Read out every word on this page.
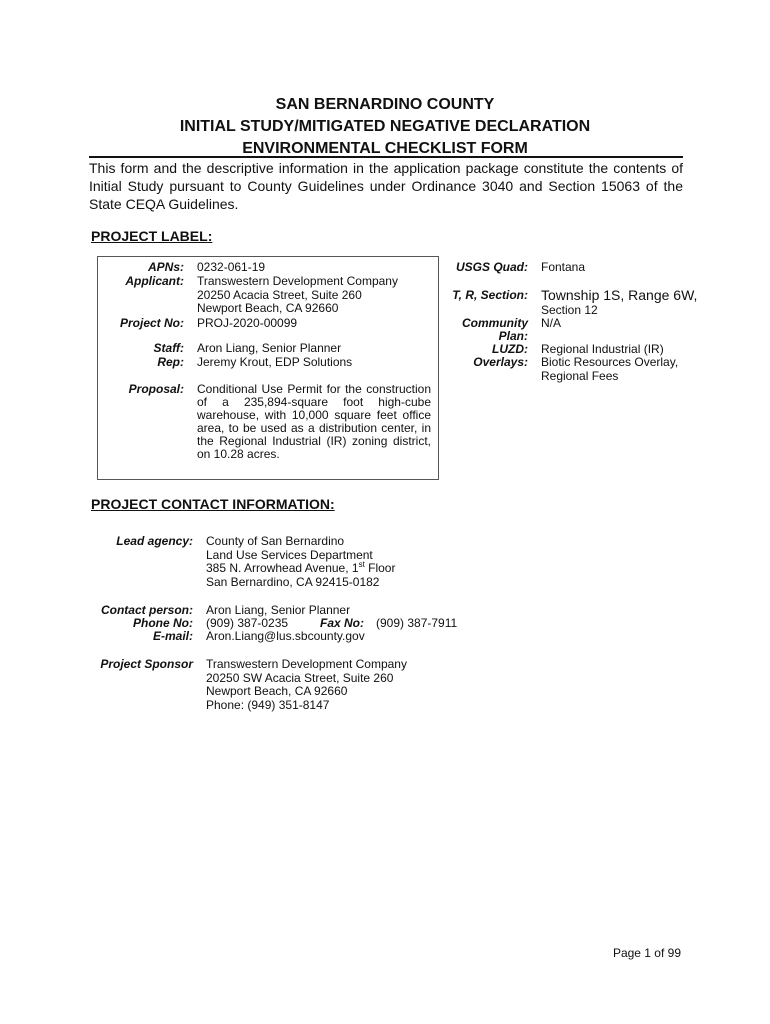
SAN BERNARDINO COUNTY
INITIAL STUDY/MITIGATED NEGATIVE DECLARATION
ENVIRONMENTAL CHECKLIST FORM
This form and the descriptive information in the application package constitute the contents of Initial Study pursuant to County Guidelines under Ordinance 3040 and Section 15063 of the State CEQA Guidelines.
PROJECT LABEL:
APNs: 0232-061-19
Applicant: Transwestern Development Company
20250 Acacia Street, Suite 260
Newport Beach, CA 92660
Project No: PROJ-2020-00099
Staff: Aron Liang, Senior Planner
Rep: Jeremy Krout, EDP Solutions
Proposal: Conditional Use Permit for the construction of a 235,894-square foot high-cube warehouse, with 10,000 square feet office area, to be used as a distribution center, in the Regional Industrial (IR) zoning district, on 10.28 acres.
USGS Quad: Fontana
T, R, Section: Township 1S, Range 6W,
Section 12
Community
Plan:
N/A
LUZD: Regional Industrial (IR)
Overlays: Biotic Resources Overlay,
Regional Fees
PROJECT CONTACT INFORMATION:
Lead agency: County of San Bernardino
Land Use Services Department
385 N. Arrowhead Avenue, 1st Floor
San Bernardino, CA 92415-0182
Contact person: Aron Liang, Senior Planner
Phone No: (909) 387-0235	Fax No: (909) 387-7911
E-mail: Aron.Liang@lus.sbcounty.gov
Project Sponsor Transwestern Development Company
20250 SW Acacia Street, Suite 260
Newport Beach, CA 92660
Phone: (949) 351-8147
Page 1 of 99
